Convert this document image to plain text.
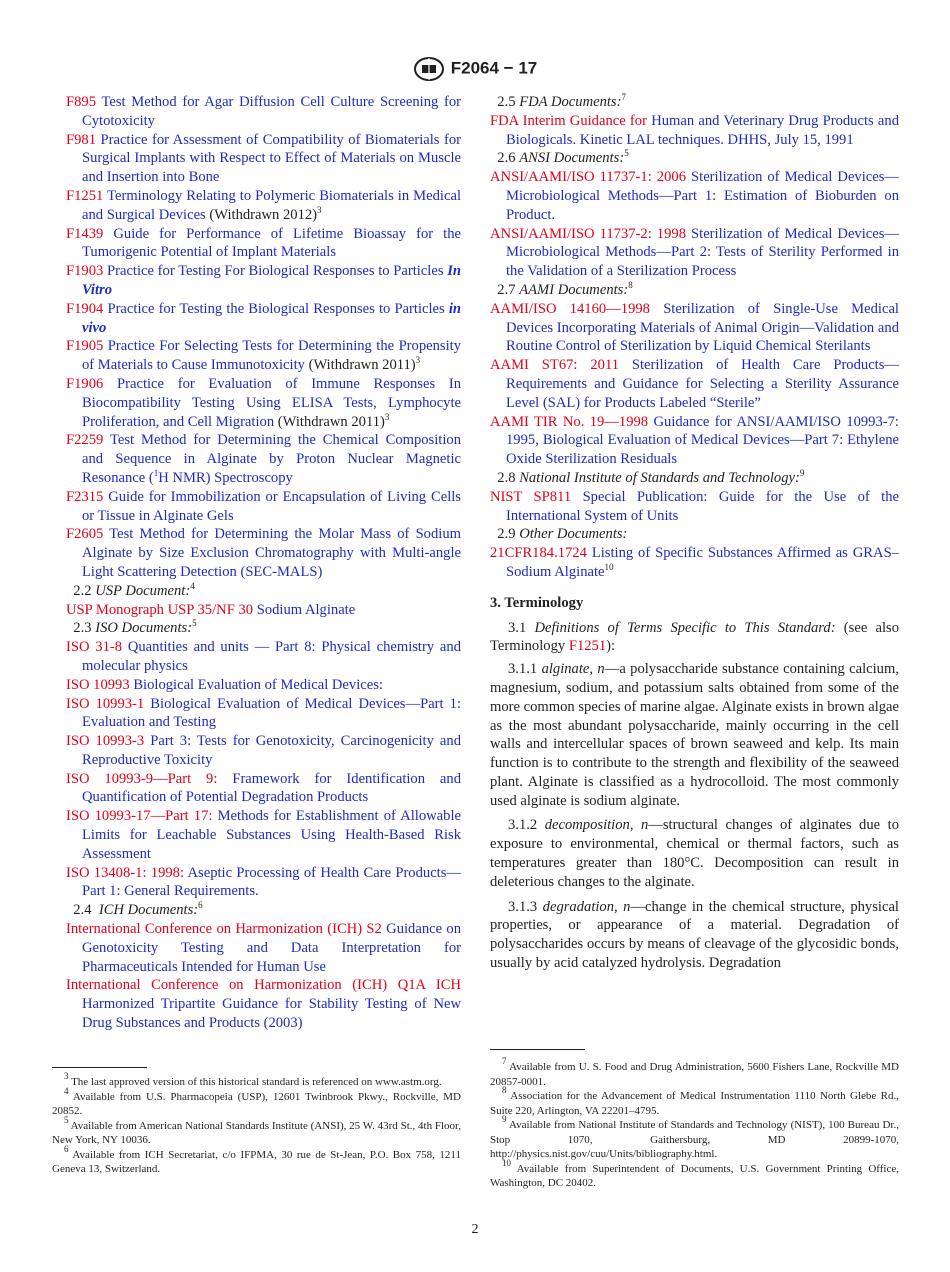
F2064 − 17
F895 Test Method for Agar Diffusion Cell Culture Screening for Cytotoxicity
F981 Practice for Assessment of Compatibility of Biomaterials for Surgical Implants with Respect to Effect of Materials on Muscle and Insertion into Bone
F1251 Terminology Relating to Polymeric Biomaterials in Medical and Surgical Devices (Withdrawn 2012)$^3$
F1439 Guide for Performance of Lifetime Bioassay for the Tumorigenic Potential of Implant Materials
F1903 Practice for Testing For Biological Responses to Particles In Vitro
F1904 Practice for Testing the Biological Responses to Particles in vivo
F1905 Practice For Selecting Tests for Determining the Propensity of Materials to Cause Immunotoxicity (Withdrawn 2011)$^3$
F1906 Practice for Evaluation of Immune Responses In Biocompatibility Testing Using ELISA Tests, Lymphocyte Proliferation, and Cell Migration (Withdrawn 2011)$^3$
F2259 Test Method for Determining the Chemical Composition and Sequence in Alginate by Proton Nuclear Magnetic Resonance ($^1$H NMR) Spectroscopy
F2315 Guide for Immobilization or Encapsulation of Living Cells or Tissue in Alginate Gels
F2605 Test Method for Determining the Molar Mass of Sodium Alginate by Size Exclusion Chromatography with Multi-angle Light Scattering Detection (SEC-MALS)
2.2 USP Document:$^4$
USP Monograph USP 35/NF 30 Sodium Alginate
2.3 ISO Documents:$^5$
ISO 31-8 Quantities and units — Part 8: Physical chemistry and molecular physics
ISO 10993 Biological Evaluation of Medical Devices:
ISO 10993-1 Biological Evaluation of Medical Devices—Part 1: Evaluation and Testing
ISO 10993-3 Part 3: Tests for Genotoxicity, Carcinogenicity and Reproductive Toxicity
ISO 10993-9—Part 9: Framework for Identification and Quantification of Potential Degradation Products
ISO 10993-17—Part 17: Methods for Establishment of Allowable Limits for Leachable Substances Using Health-Based Risk Assessment
ISO 13408-1: 1998: Aseptic Processing of Health Care Products—Part 1: General Requirements.
2.4 ICH Documents:$^6$
International Conference on Harmonization (ICH) S2 Guidance on Genotoxicity Testing and Data Interpretation for Pharmaceuticals Intended for Human Use
International Conference on Harmonization (ICH) Q1A ICH Harmonized Tripartite Guidance for Stability Testing of New Drug Substances and Products (2003)
2.5 FDA Documents:$^7$
FDA Interim Guidance for Human and Veterinary Drug Products and Biologicals. Kinetic LAL techniques. DHHS, July 15, 1991
2.6 ANSI Documents:$^5$
ANSI/AAMI/ISO 11737-1: 2006 Sterilization of Medical Devices—Microbiological Methods—Part 1: Estimation of Bioburden on Product.
ANSI/AAMI/ISO 11737-2: 1998 Sterilization of Medical Devices—Microbiological Methods—Part 2: Tests of Sterility Performed in the Validation of a Sterilization Process
2.7 AAMI Documents:$^8$
AAMI/ISO 14160—1998 Sterilization of Single-Use Medical Devices Incorporating Materials of Animal Origin—Validation and Routine Control of Sterilization by Liquid Chemical Sterilants
AAMI ST67: 2011 Sterilization of Health Care Products—Requirements and Guidance for Selecting a Sterility Assurance Level (SAL) for Products Labeled “Sterile”
AAMI TIR No. 19—1998 Guidance for ANSI/AAMI/ISO 10993-7: 1995, Biological Evaluation of Medical Devices—Part 7: Ethylene Oxide Sterilization Residuals
2.8 National Institute of Standards and Technology:$^9$
NIST SP811 Special Publication: Guide for the Use of the International System of Units
2.9 Other Documents:
21CFR184.1724 Listing of Specific Substances Affirmed as GRAS–Sodium Alginate$^{10}$
3. Terminology
3.1 Definitions of Terms Specific to This Standard: (see also Terminology F1251):
3.1.1 alginate, n—a polysaccharide substance containing calcium, magnesium, sodium, and potassium salts obtained from some of the more common species of marine algae. Alginate exists in brown algae as the most abundant polysaccharide, mainly occurring in the cell walls and intercellular spaces of brown seaweed and kelp. Its main function is to contribute to the strength and flexibility of the seaweed plant. Alginate is classified as a hydrocolloid. The most commonly used alginate is sodium alginate.
3.1.2 decomposition, n—structural changes of alginates due to exposure to environmental, chemical or thermal factors, such as temperatures greater than 180°C. Decomposition can result in deleterious changes to the alginate.
3.1.3 degradation, n—change in the chemical structure, physical properties, or appearance of a material. Degradation of polysaccharides occurs by means of cleavage of the glycosidic bonds, usually by acid catalyzed hydrolysis. Degradation

$^3$ The last approved version of this historical standard is referenced on www.astm.org.

$^4$ Available from U.S. Pharmacopeia (USP), 12601 Twinbrook Pkwy., Rockville, MD 20852.

$^5$ Available from American National Standards Institute (ANSI), 25 W. 43rd St., 4th Floor, New York, NY 10036.

$^6$ Available from ICH Secretariat, c/o IFPMA, 30 rue de St-Jean, P.O. Box 758, 1211 Geneva 13, Switzerland.

$^7$ Available from U. S. Food and Drug Administration, 5600 Fishers Lane, Rockville MD 20857-0001.

$^8$ Association for the Advancement of Medical Instrumentation 1110 North Glebe Rd., Suite 220, Arlington, VA 22201–4795.

$^9$ Available from National Institute of Standards and Technology (NIST), 100 Bureau Dr., Stop 1070, Gaithersburg, MD 20899-1070, http://physics.nist.gov/cuu/Units/bibliography.html.

$^{10}$ Available from Superintendent of Documents, U.S. Government Printing Office, Washington, DC 20402.

2
